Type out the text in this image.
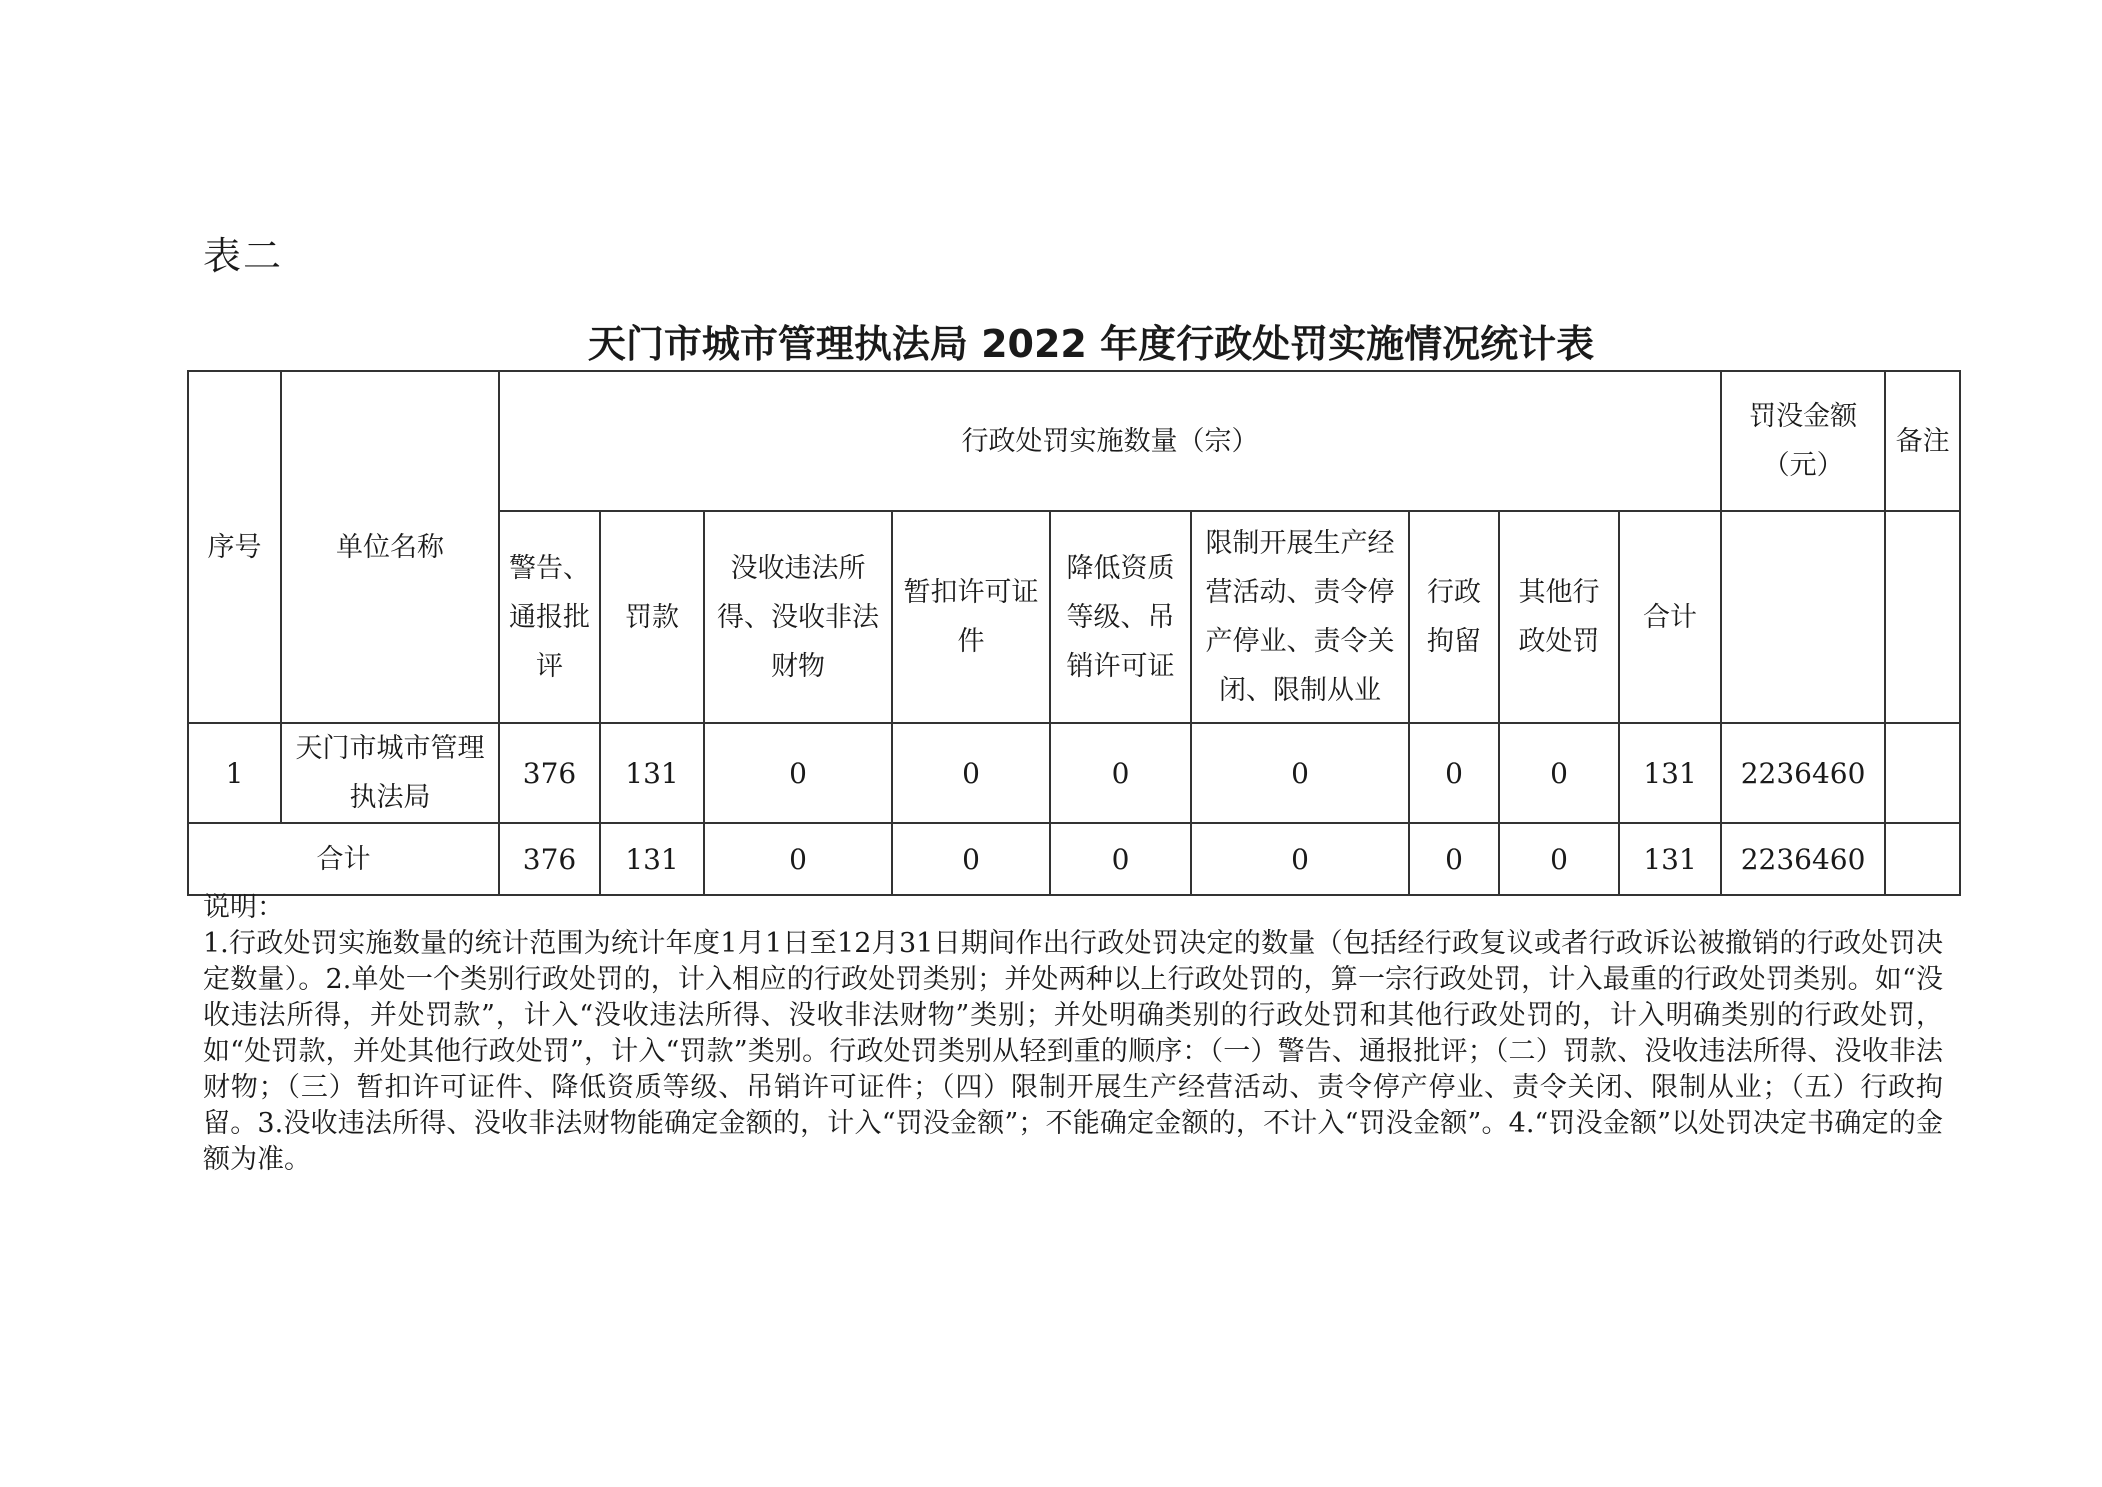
表二
天门市城市管理执法局 2022 年度行政处罚实施情况统计表
序号	单位名称	行政处罚实施数量（宗）									罚没金额（元）	备注
		警告、通报批评	罚款	没收违法所得、没收非法财物	暂扣许可证件	降低资质等级、吊销许可证	限制开展生产经营活动、责令停产停业、责令关闭、限制从业	行政拘留	其他行政处罚	合计		
1	天门市城市管理执法局	376	131	0	0	0	0	0	0	131	2236460	
合计		376	131	0	0	0	0	0	0	131	2236460	

说明：

1.行政处罚实施数量的统计范围为统计年度1月1日至12月31日期间作出行政处罚决定的数量（包括经行政复议或者行政诉讼被撤销的行政处罚决定数量）。2.单处一个类别行政处罚的，计入相应的行政处罚类别；并处两种以上行政处罚的，算一宗行政处罚，计入最重的行政处罚类别。如“没收违法所得，并处罚款”，计入“没收违法所得、没收非法财物”类别；并处明确类别的行政处罚和其他行政处罚的，计入明确类别的行政处罚，如“处罚款，并处其他行政处罚”，计入“罚款”类别。行政处罚类别从轻到重的顺序：（一）警告、通报批评；（二）罚款、没收违法所得、没收非法财物；（三）暂扣许可证件、降低资质等级、吊销许可证件；（四）限制开展生产经营活动、责令停产停业、责令关闭、限制从业；（五）行政拘留。3.没收违法所得、没收非法财物能确定金额的，计入“罚没金额”；不能确定金额的，不计入“罚没金额”。4.“罚没金额”以处罚决定书确定的金额为准。
